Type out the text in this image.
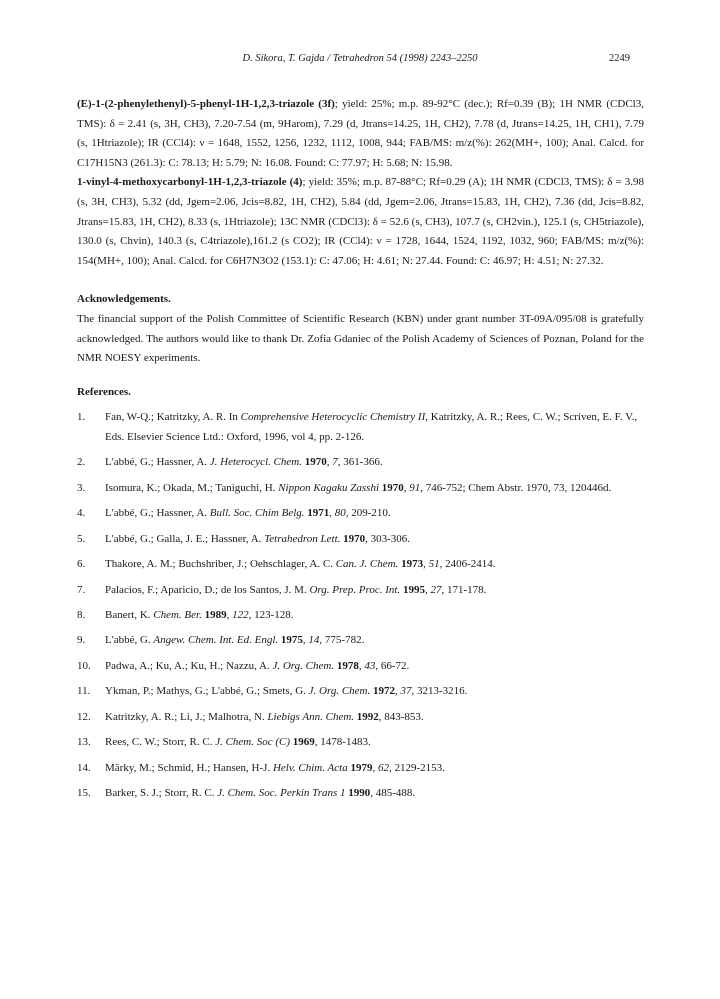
D. Sikora, T. Gajda / Tetrahedron 54 (1998) 2243–2250	2249

(E)-1-(2-phenylethenyl)-5-phenyl-1H-1,2,3-triazole (3f); yield: 25%; m.p. 89-92°C (dec.); Rf=0.39 (B); 1H NMR (CDCl3, TMS): δ = 2.41 (s, 3H, CH3), 7.20-7.54 (m, 9Harom), 7.29 (d, Jtrans=14.25, 1H, CH2), 7.78 (d, Jtrans=14.25, 1H, CH1), 7.79 (s, 1Htriazole); IR (CCl4): ν = 1648, 1552, 1256, 1232, 1112, 1008, 944; FAB/MS: m/z(%): 262(MH+, 100); Anal. Calcd. for C17H15N3 (261.3): C: 78.13; H: 5.79; N: 16.08. Found: C: 77.97; H: 5.68; N: 15.98.

1-vinyl-4-methoxycarbonyl-1H-1,2,3-triazole (4); yield: 35%; m.p. 87-88°C; Rf=0.29 (A); 1H NMR (CDCl3, TMS): δ = 3.98 (s, 3H, CH3), 5.32 (dd, Jgem=2.06, Jcis=8.82, 1H, CH2), 5.84 (dd, Jgem=2.06, Jtrans=15.83, 1H, CH2), 7.36 (dd, Jcis=8.82, Jtrans=15.83, 1H, CH2), 8.33 (s, 1Htriazole); 13C NMR (CDCl3): δ = 52.6 (s, CH3), 107.7 (s, CH2vin.), 125.1 (s, CH5triazole), 130.0 (s, Chvin), 140.3 (s, C4triazole),161.2 (s CO2); IR (CCl4): ν = 1728, 1644, 1524, 1192, 1032, 960; FAB/MS: m/z(%): 154(MH+, 100); Anal. Calcd. for C6H7N3O2 (153.1): C: 47.06; H: 4.61; N: 27.44. Found: C: 46.97; H: 4.51; N: 27.32.

Acknowledgements.

The financial support of the Polish Committee of Scientific Research (KBN) under grant number 3T-09A/095/08 is gratefully acknowledged. The authors would like to thank Dr. Zofia Gdaniec of the Polish Academy of Sciences of Poznan, Poland for the NMR NOESY experiments.

References.

1. Fan, W-Q.; Katritzky, A. R. In Comprehensive Heterocyclic Chemistry II, Katritzky, A. R.; Rees, C. W.; Scriven, E. F. V., Eds. Elsevier Science Ltd.: Oxford, 1996, vol 4, pp. 2-126.
2. L'abbé, G.; Hassner, A. J. Heterocycl. Chem. 1970, 7, 361-366.
3. Isomura, K.; Okada, M.; Taniguchi, H. Nippon Kagaku Zasshi 1970, 91, 746-752; Chem Abstr. 1970, 73, 120446d.
4. L'abbé, G.; Hassner, A. Bull. Soc. Chim Belg. 1971, 80, 209-210.
5. L'abbé, G.; Galla, J. E.; Hassner, A. Tetrahedron Lett. 1970, 303-306.
6. Thakore, A. M.; Buchshriber, J.; Oehschlager, A. C. Can. J. Chem. 1973, 51, 2406-2414.
7. Palacios, F.; Aparicio, D.; de los Santos, J. M. Org. Prep. Proc. Int. 1995, 27, 171-178.
8. Banert, K. Chem. Ber. 1989, 122, 123-128.
9. L'abbé, G. Angew. Chem. Int. Ed. Engl. 1975, 14, 775-782.
10. Padwa, A.; Ku, A.; Ku, H.; Nazzu, A. J. Org. Chem. 1978, 43, 66-72.
11. Ykman, P.; Mathys, G.; L'abbé, G.; Smets, G. J. Org. Chem. 1972, 37, 3213-3216.
12. Katritzky, A. R.; Li, J.; Malhotra, N. Liebigs Ann. Chem. 1992, 843-853.
13. Rees, C. W.; Storr, R. C. J. Chem. Soc (C) 1969, 1478-1483.
14. Märky, M.; Schmid, H.; Hansen, H-J. Helv. Chim. Acta 1979, 62, 2129-2153.
15. Barker, S. J.; Storr, R. C. J. Chem. Soc. Perkin Trans 1 1990, 485-488.
